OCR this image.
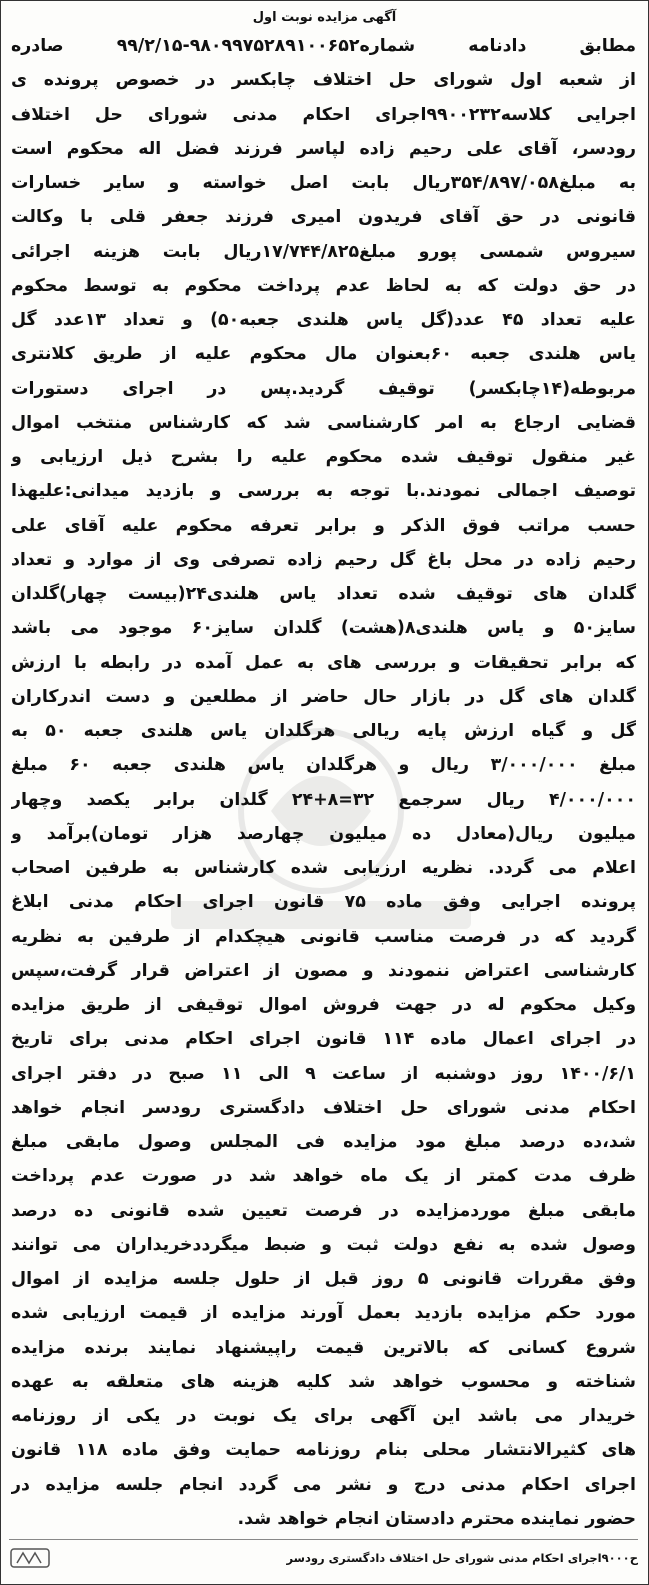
آگهی مزایده نوبت اول
مطابق دادنامه شماره۹۸۰۹۹۷۵۲۸۹۱۰۰۶۵۲-۹۹/۲/۱۵ صادره
از شعبه اول شورای حل اختلاف چابکسر در خصوص پرونده ی
اجرایی کلاسه۹۹۰۰۲۳۲اجرای احکام مدنی شورای حل اختلاف
رودسر، آقای علی رحیم زاده لپاسر فرزند فضل اله محکوم است
به مبلغ۳۵۴/۸۹۷/۰۵۸ریال بابت اصل خواسته و سایر خسارات
قانونی در حق آقای فریدون امیری فرزند جعفر قلی با وکالت
سیروس شمسی پورو مبلغ۱۷/۷۴۴/۸۲۵ریال بابت هزینه اجرائی
در حق دولت که به لحاظ عدم پرداخت محکوم به توسط محکوم
علیه تعداد ۴۵ عدد(گل یاس هلندی جعبه۵۰) و تعداد ۱۳عدد گل
یاس هلندی جعبه ۶۰بعنوان مال محکوم علیه از طریق کلانتری
مربوطه(۱۴چابکسر) توقیف گردید.پس در اجرای دستورات
قضایی ارجاع به امر کارشناسی شد که کارشناس منتخب اموال
غیر منقول توقیف شده محکوم علیه را بشرح ذیل ارزیابی و
توصیف اجمالی نمودند.با توجه به بررسی و بازدید میدانی:علیهذا
حسب مراتب فوق الذکر و برابر تعرفه محکوم علیه آقای علی
رحیم زاده در محل باغ گل رحیم زاده تصرفی وی از موارد و تعداد
گلدان های توقیف شده تعداد یاس هلندی۲۴(بیست چهار)گلدان
سایز۵۰ و یاس هلندی۸(هشت) گلدان سایز۶۰ موجود می باشد
که برابر تحقیقات و بررسی های به عمل آمده در رابطه با ارزش
گلدان های گل در بازار حال حاضر از مطلعین و دست اندرکاران
گل و گیاه ارزش پایه ریالی هرگلدان یاس هلندی جعبه ۵۰ به
مبلغ ۳/۰۰۰/۰۰۰ ریال و هرگلدان یاس هلندی جعبه ۶۰ مبلغ
۴/۰۰۰/۰۰۰ ریال سرجمع ۳۲=۸+۲۴ گلدان برابر یکصد وچهار
میلیون ریال(معادل ده میلیون چهارصد هزار تومان)برآمد و
اعلام می گردد. نظریه ارزیابی شده کارشناس به طرفین اصحاب
پرونده اجرایی وفق ماده ۷۵ قانون اجرای احکام مدنی ابلاغ
گردید که در فرصت مناسب قانونی هیچکدام از طرفین به نظریه
کارشناسی اعتراض ننمودند و مصون از اعتراض قرار گرفت،سپس
وکیل محکوم له در جهت فروش اموال توقیفی از طریق مزایده
در اجرای اعمال ماده ۱۱۴ قانون اجرای احکام مدنی برای تاریخ
۱۴۰۰/۶/۱ روز دوشنبه از ساعت ۹ الی ۱۱ صبح در دفتر اجرای
احکام مدنی شورای حل اختلاف دادگستری رودسر انجام خواهد
شد،ده درصد مبلغ مود مزایده فی المجلس وصول مابقی مبلغ
ظرف مدت کمتر از یک ماه خواهد شد در صورت عدم پرداخت
مابقی مبلغ موردمزایده در فرصت تعیین شده قانونی ده درصد
وصول شده به نفع دولت ثبت و ضبط میگرددخریداران می توانند
وفق مقررات قانونی ۵ روز قبل از حلول جلسه مزایده از اموال
مورد حکم مزایده بازدید بعمل آورند مزایده از قیمت ارزیابی شده
شروع کسانی که بالاترین قیمت راپیشنهاد نمایند برنده مزایده
شناخته و محسوب خواهد شد کلیه هزینه های متعلقه به عهده
خریدار می باشد این آگهی برای یک نوبت در یکی از روزنامه
های کثیرالانتشار محلی بنام روزنامه حمایت وفق ماده ۱۱۸ قانون
اجرای احکام مدنی درج و نشر می گردد انجام جلسه مزایده در
حضور نماینده محترم دادستان انجام خواهد شد.
ح۹۰۰۰اجرای احکام مدنی شورای حل اختلاف دادگستری رودسر
